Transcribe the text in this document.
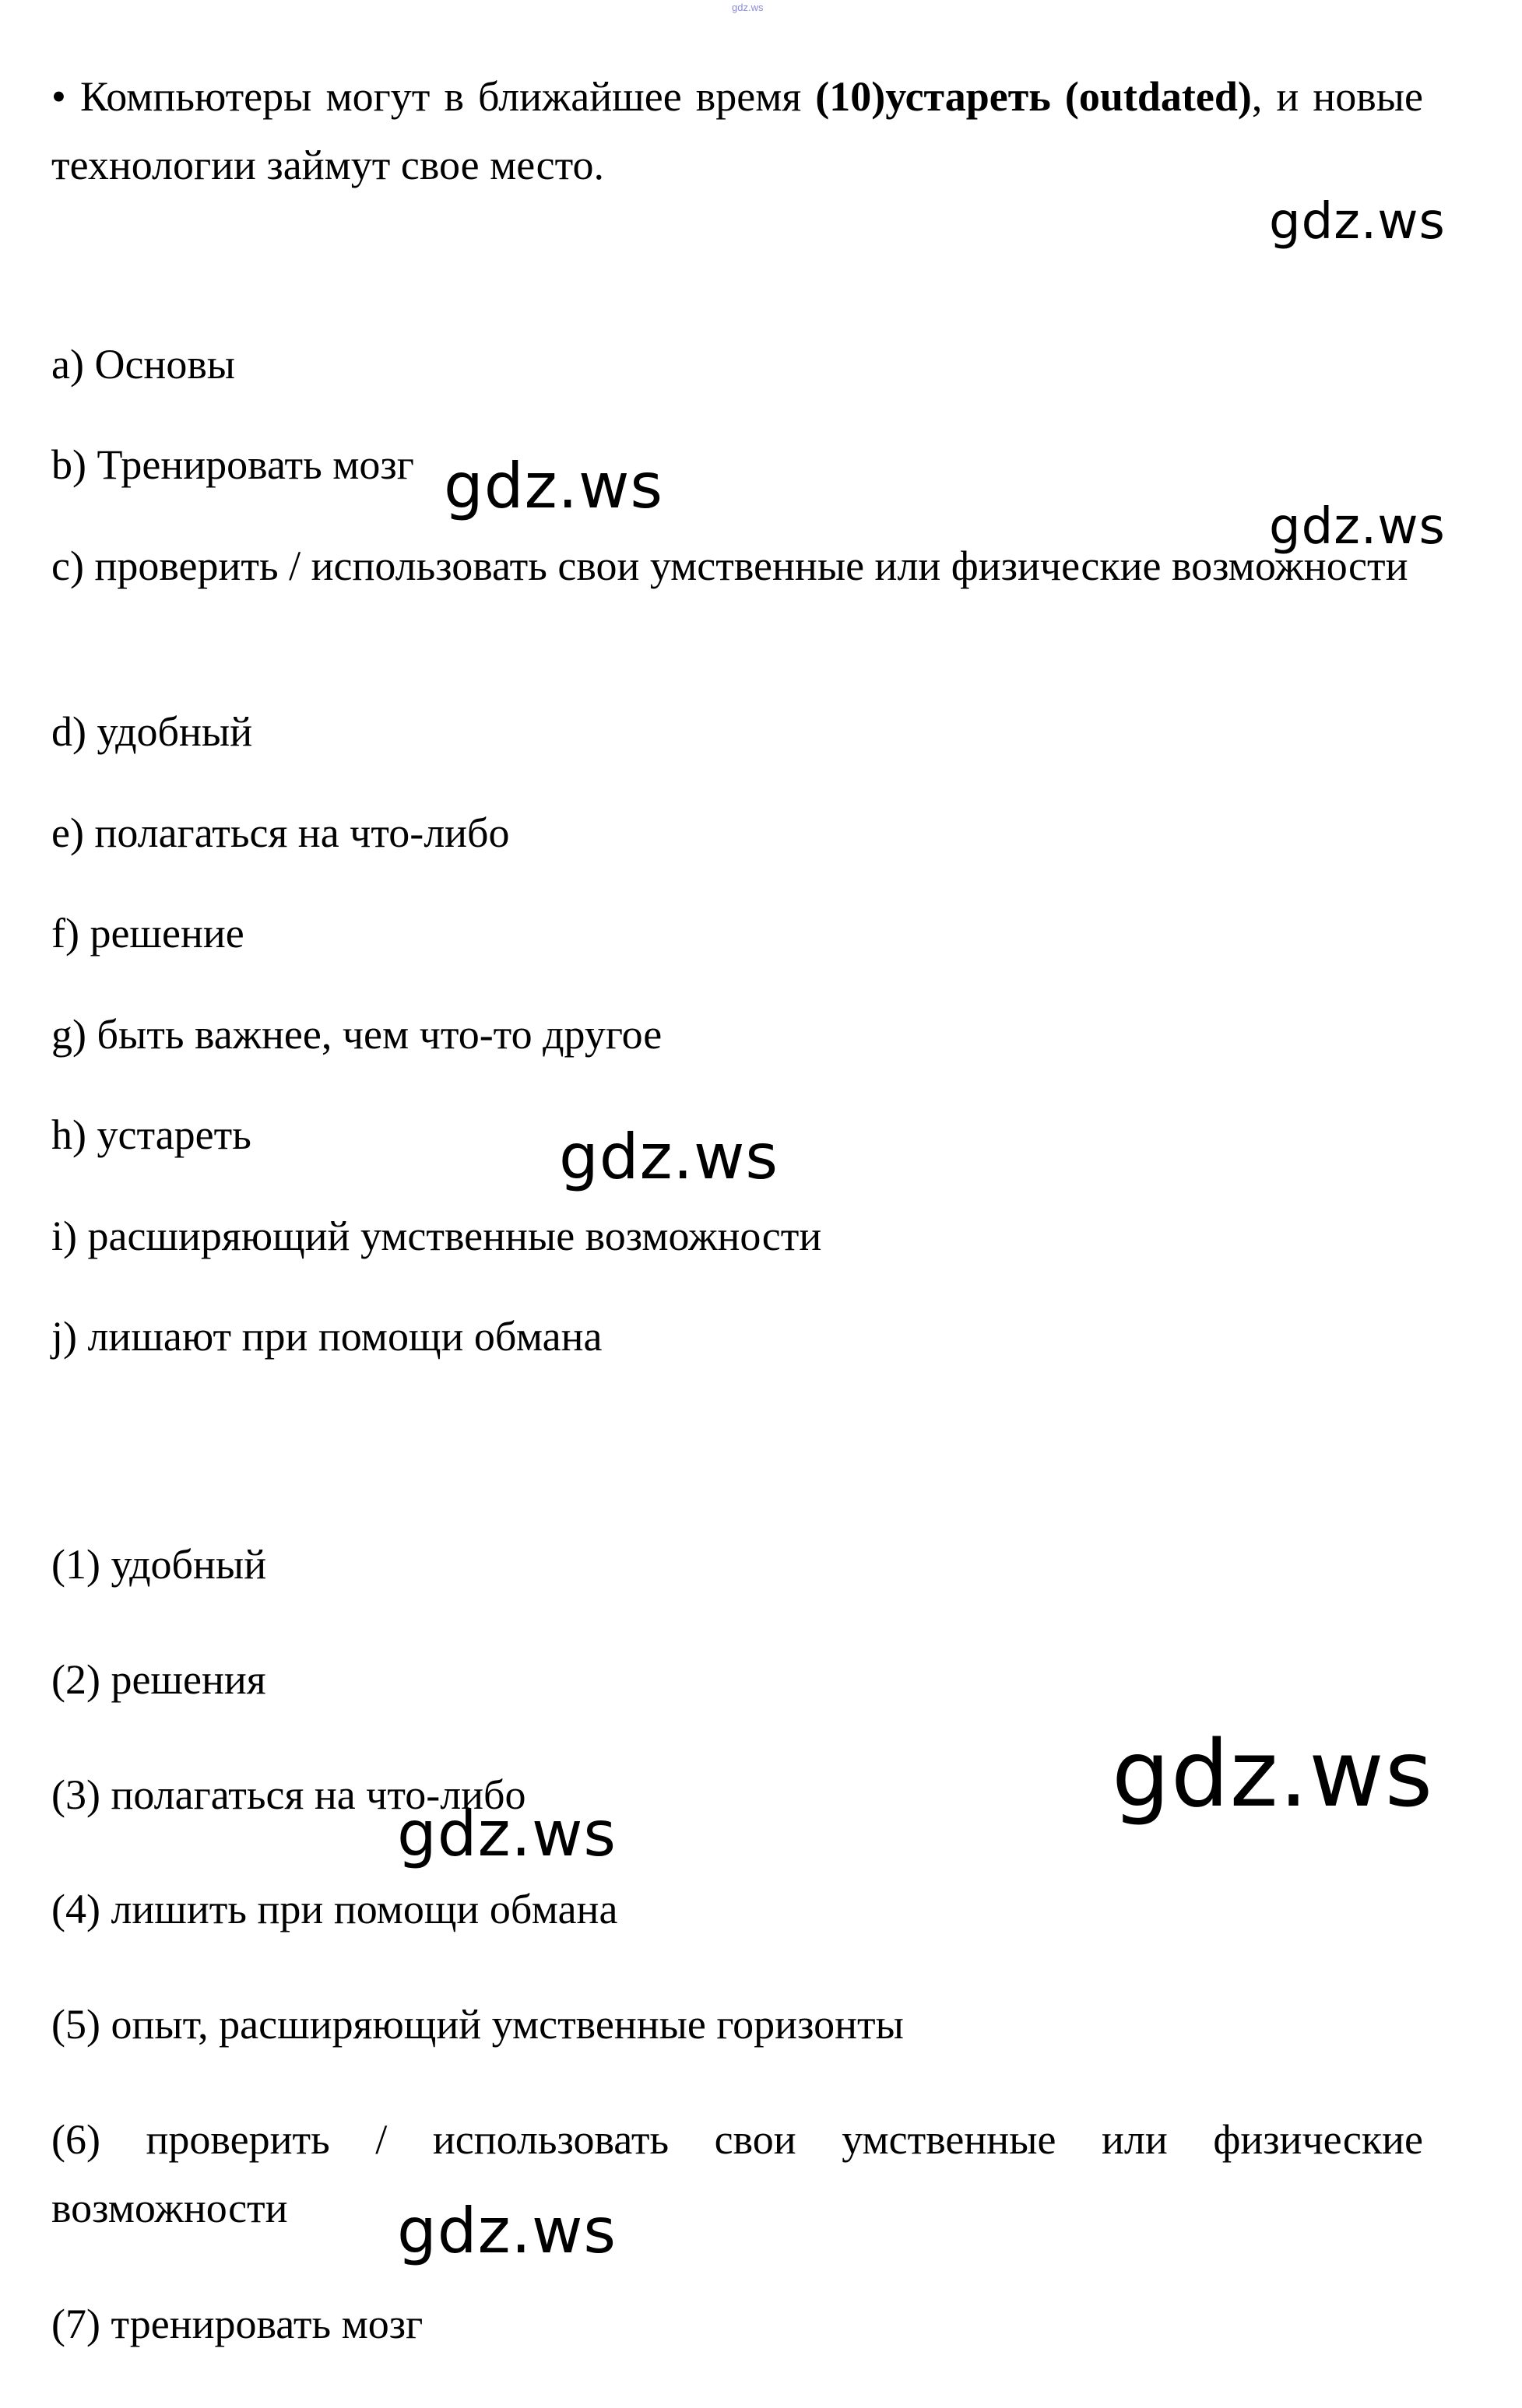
gdz.ws

• Компьютеры могут в ближайшее время (10)устареть (outdated), и новые технологии займут свое место.

a) Основы
b) Тренировать мозг
c) проверить / использовать свои умственные или физические возможности
d) удобный
e) полагаться на что-либо
f) решение
g) быть важнее, чем что-то другое
h) устареть
i) расширяющий умственные возможности
j) лишают при помощи обмана
(1) удобный
(2) решения
(3) полагаться на что-либо
(4) лишить при помощи обмана
(5) опыт, расширяющий умственные горизонты
(6) проверить / использовать свои умственные или физические возможности
(7) тренировать мозг
gdz.ws
gdz.ws
gdz.ws
gdz.ws
gdz.ws
gdz.ws
gdz.ws
